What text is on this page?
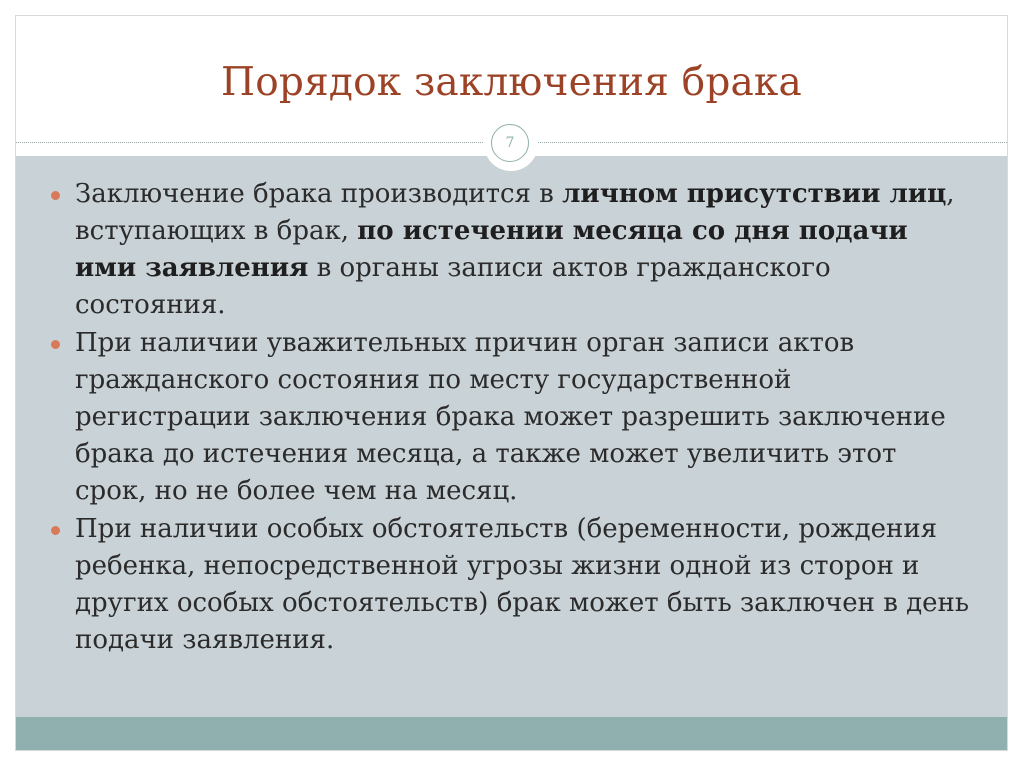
Порядок заключения брака
7
Заключение брака производится в личном присутствии лиц, вступающих в брак, по истечении месяца со дня подачи ими заявления в органы записи актов гражданского состояния.
При наличии уважительных причин орган записи актов гражданского состояния по месту государственной регистрации заключения брака может разрешить заключение брака до истечения месяца, а также может увеличить этот срок, но не более чем на месяц.
При наличии особых обстоятельств (беременности, рождения ребенка, непосредственной угрозы жизни одной из сторон и других особых обстоятельств) брак может быть заключен в день подачи заявления.
